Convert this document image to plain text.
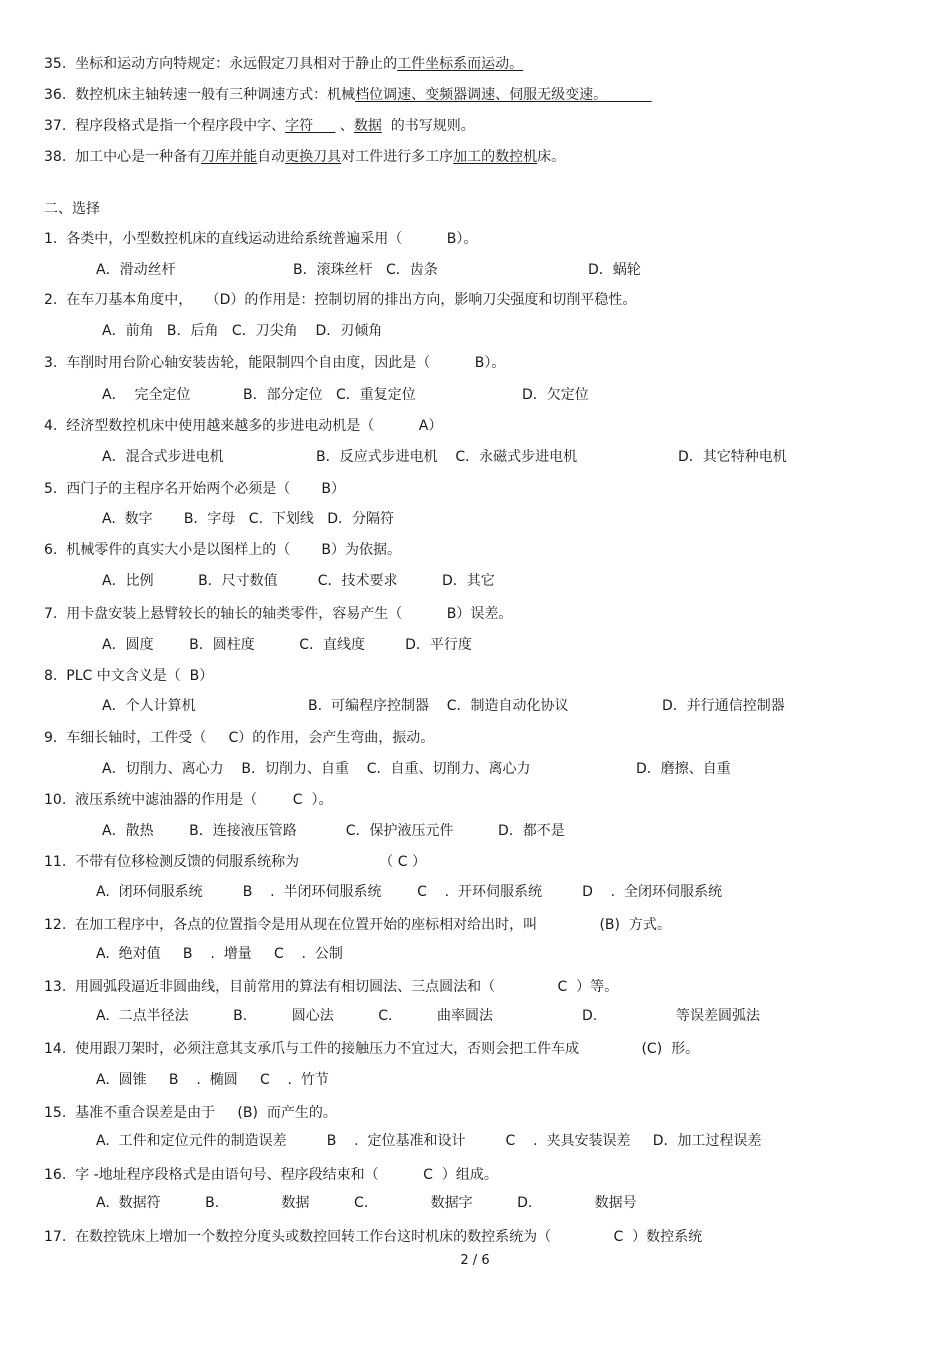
35.  坐标和运动方向特规定：永远假定刀具相对于静止的工件坐标系而运动。
36.  数控机床主轴转速一般有三种调速方式：机械档位调速、变频器调速、伺服无级变速。
37.  程序段格式是指一个程序段中字、字符      、数据  的书写规则。
38.  加工中心是一种备有刀库并能自动更换刀具对工件进行多工序加工的数控机床。
二、选择
1.  各类中，小型数控机床的直线运动进给系统普遍采用（          B）。
A．滑动丝杆	B．滚珠丝杆   C．齿条	D．蜗轮
2.  在车刀基本角度中，   （D）的作用是：控制切屑的排出方向，影响刀尖强度和切削平稳性。
A．前角   B．后角   C．刀尖角    D．刃倾角
3.  车削时用台阶心轴安装齿轮，能限制四个自由度，因此是（          B）。
A．  完全定位	B．部分定位   C．重复定位	D．欠定位
4.  经济型数控机床中使用越来越多的步进电动机是（          A）
A．混合式步进电机	B．反应式步进电机    C．永磁式步进电机	D．其它特种电机
5.  西门子的主程序名开始两个必须是（       B）
A.  数字       B．字母   C.  下划线   D．分隔符
6.  机械零件的真实大小是以图样上的（       B）为依据。
A．比例          B．尺寸数值         C．技术要求          D．其它
7.  用卡盘安装上悬臂较长的轴长的轴类零件，容易产生（          B）误差。
A．圆度        B．圆柱度          C．直线度         D．平行度
8.  PLC 中文含义是（  B）
A．个人计算机	B.  可编程序控制器    C．制造自动化协议	D．并行通信控制器
9.  车细长轴时，工件受（     C）的作用，会产生弯曲，振动。
A．切削力、离心力    B．切削力、自重    C．自重、切削力、离心力	D．磨擦、自重
10.  液压系统中滤油器的作用是（        C  ）。
A．散热        B．连接液压管路           C．保护液压元件          D．都不是
11.  不带有位移检测反馈的伺服系统称为                  （ C ）
A.  闭环伺服系统         B    .  半闭环伺服系统        C    .  开环伺服系统         D    .  全闭环伺服系统
12.  在加工程序中，各点的位置指令是用从现在位置开始的座标相对给出时，叫              (B)  方式。
A.  绝对值     B    .  增量     C    .  公制
13.  用圆弧段逼近非圆曲线，目前常用的算法有相切圆法、三点圆法和（              C  ）等。
A.  二点半径法          B.          圆心法          C.          曲率圆法                    D.	等误差圆弧法
14.  使用跟刀架时，必须注意其支承爪与工件的接触压力不宜过大，否则会把工件车成              (C)  形。
A.  圆锥     B    .  椭圆     C    .  竹节
15.  基准不重合误差是由于     (B)  而产生的。
A.  工件和定位元件的制造误差         B    .  定位基准和设计         C    .  夹具安装误差     D．加工过程误差
16.  字 -地址程序段格式是由语句号、程序段结束和（          C  ）组成。
A.  数据符          B.              数据          C.              数据字          D.              数据号
17.  在数控铣床上增加一个数控分度头或数控回转工作台这时机床的数控系统为（              C  ）数控系统
2 / 6
